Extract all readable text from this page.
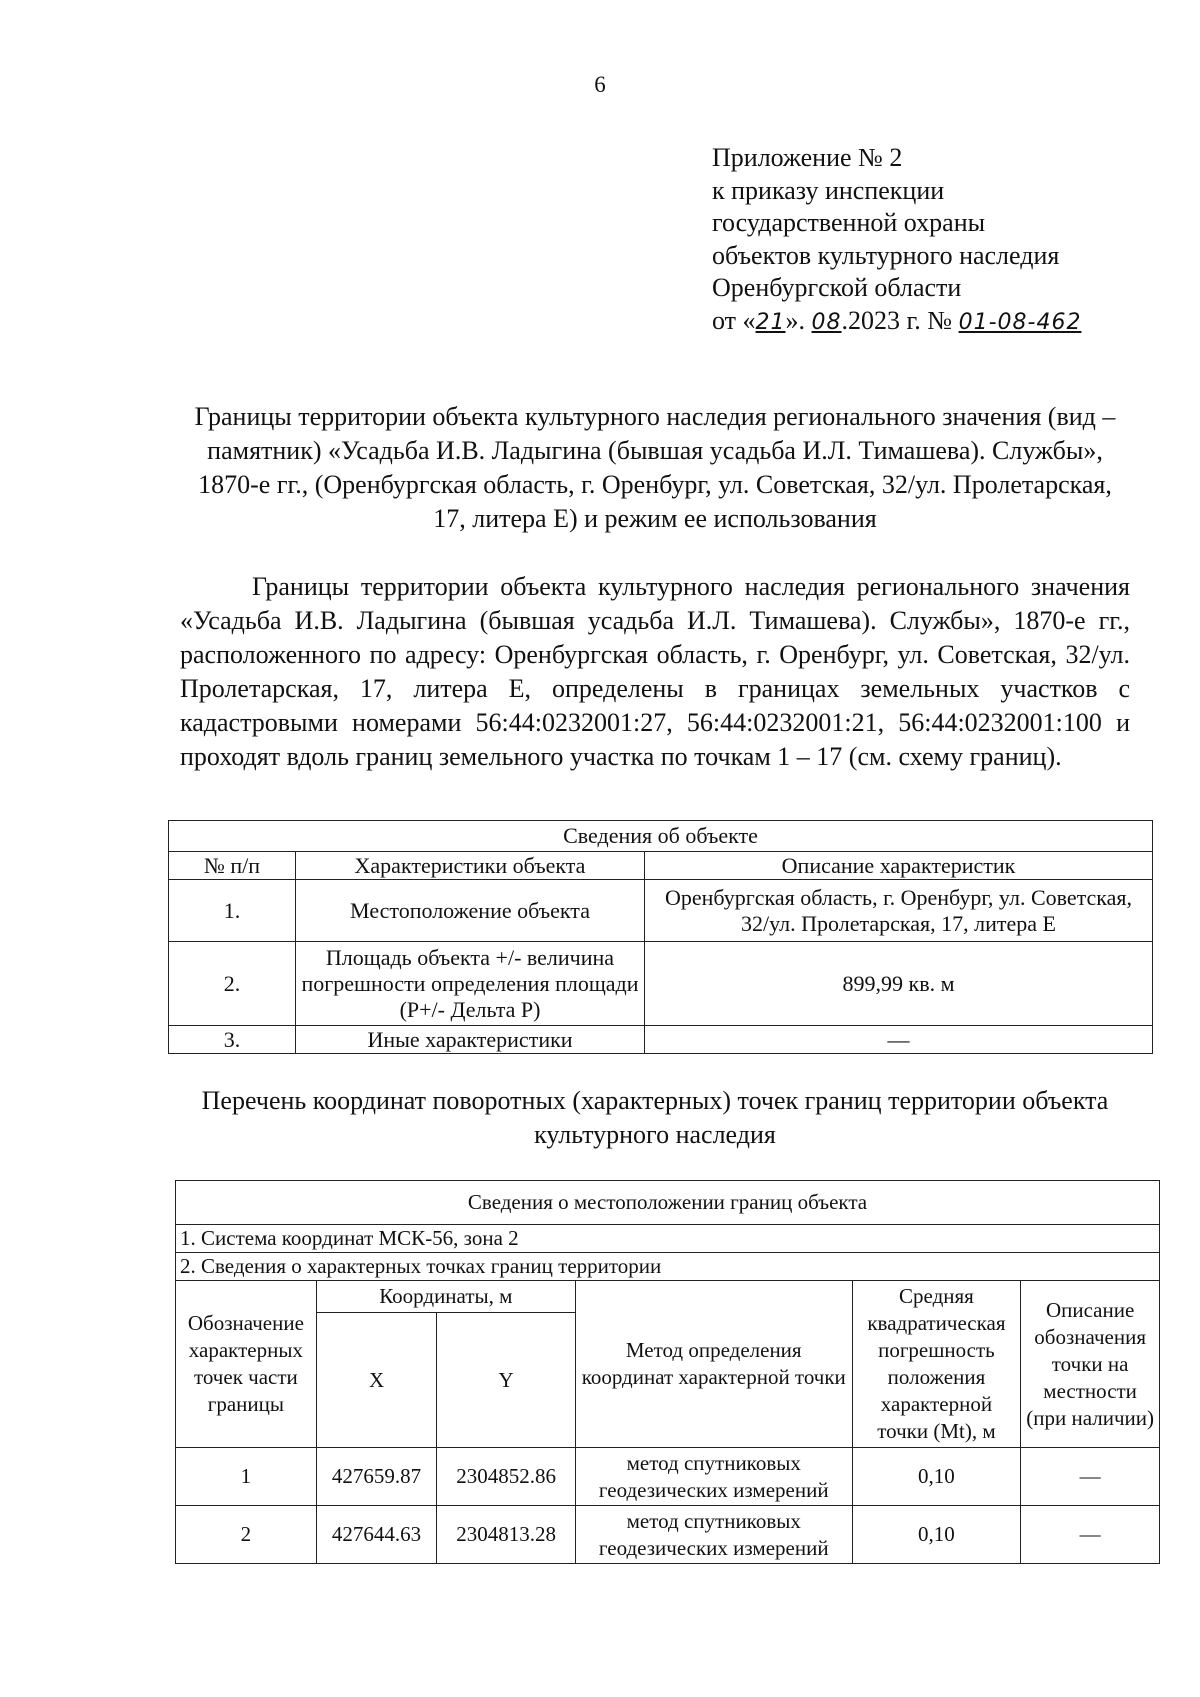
6
Приложение № 2
к приказу инспекции
государственной охраны
объектов культурного наследия
Оренбургской области
от «21». 08.2023 г. № 01-08-462
Границы территории объекта культурного наследия регионального значения (вид – памятник) «Усадьба И.В. Ладыгина (бывшая усадьба И.Л. Тимашева). Службы», 1870-е гг., (Оренбургская область, г. Оренбург, ул. Советская, 32/ул. Пролетарская, 17, литера Е) и режим ее использования
Границы территории объекта культурного наследия регионального значения «Усадьба И.В. Ладыгина (бывшая усадьба И.Л. Тимашева). Службы», 1870-е гг., расположенного по адресу: Оренбургская область, г. Оренбург, ул. Советская, 32/ул. Пролетарская, 17, литера Е, определены в границах земельных участков с кадастровыми номерами 56:44:0232001:27, 56:44:0232001:21, 56:44:0232001:100 и проходят вдоль границ земельного участка по точкам 1 – 17 (см. схему границ).
Сведения об объекте		
№ п/п	Характеристики объекта	Описание характеристик
1.	Местоположение объекта	Оренбургская область, г. Оренбург, ул. Советская, 32/ул. Пролетарская, 17, литера Е
2.	Площадь объекта +/- величина погрешности определения площади (P+/- Дельта P)	899,99 кв. м
3.	Иные характеристики	—
Перечень координат поворотных (характерных) точек границ территории объекта культурного наследия
Сведения о местоположении границ объекта					
1. Система координат МСК-56, зона 2					
2. Сведения о характерных точках границ территории					
Обозначение характерных точек части границы	Координаты, м		Метод определения координат характерной точки	Средняя квадратическая погрешность положения характерной точки (Mt), м	Описание обозначения точки на местности (при наличии)
	X	Y			
1	427659.87	2304852.86	метод спутниковых геодезических измерений	0,10	—
2	427644.63	2304813.28	метод спутниковых геодезических измерений	0,10	—
